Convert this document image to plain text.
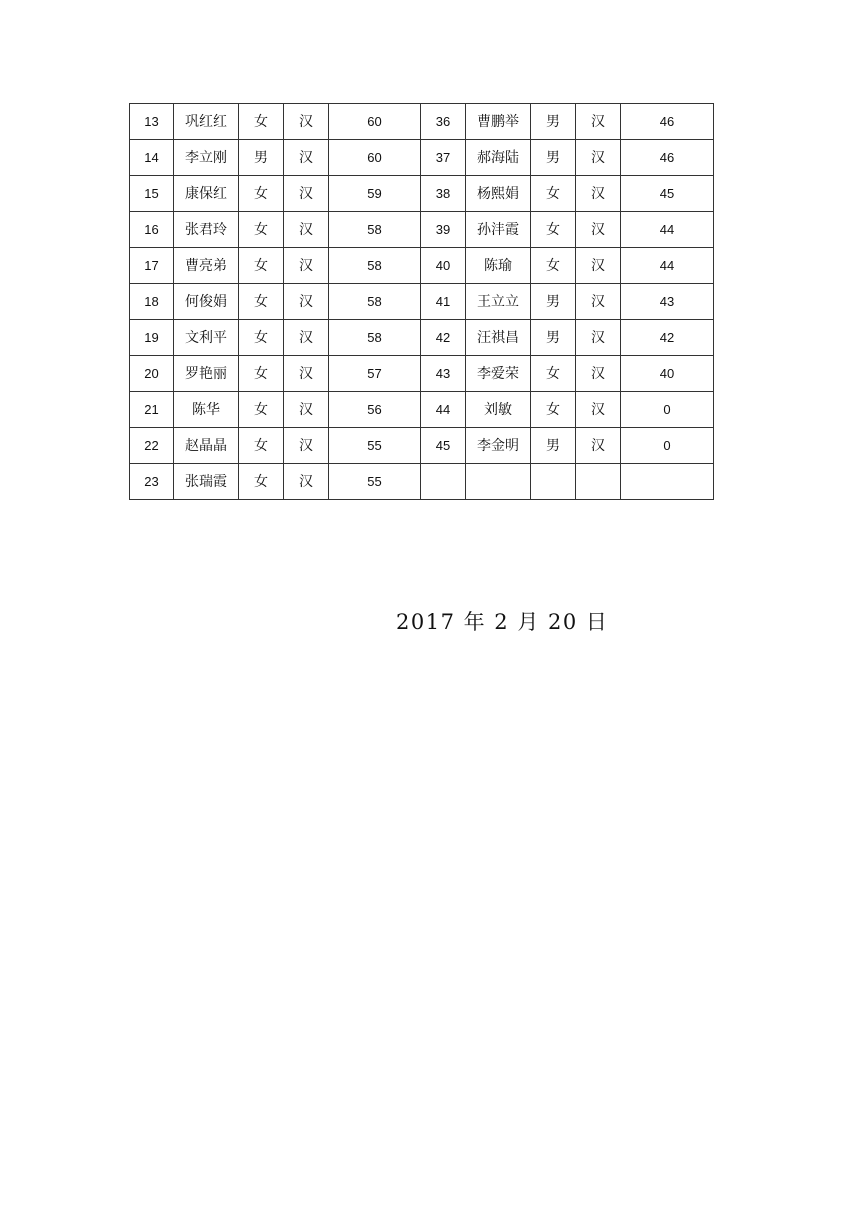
13	巩红红	女	汉	60	36	曹鹏举	男	汉	46
14	李立刚	男	汉	60	37	郝海陆	男	汉	46
15	康保红	女	汉	59	38	杨熙娟	女	汉	45
16	张君玲	女	汉	58	39	孙沣霞	女	汉	44
17	曹亮弟	女	汉	58	40	陈瑜	女	汉	44
18	何俊娟	女	汉	58	41	王立立	男	汉	43
19	文利平	女	汉	58	42	汪祺昌	男	汉	42
20	罗艳丽	女	汉	57	43	李爱荣	女	汉	40
21	陈华	女	汉	56	44	刘敏	女	汉	0
22	赵晶晶	女	汉	55	45	李金明	男	汉	0
23	张瑞霞	女	汉	55					
2017 年 2 月 20 日
